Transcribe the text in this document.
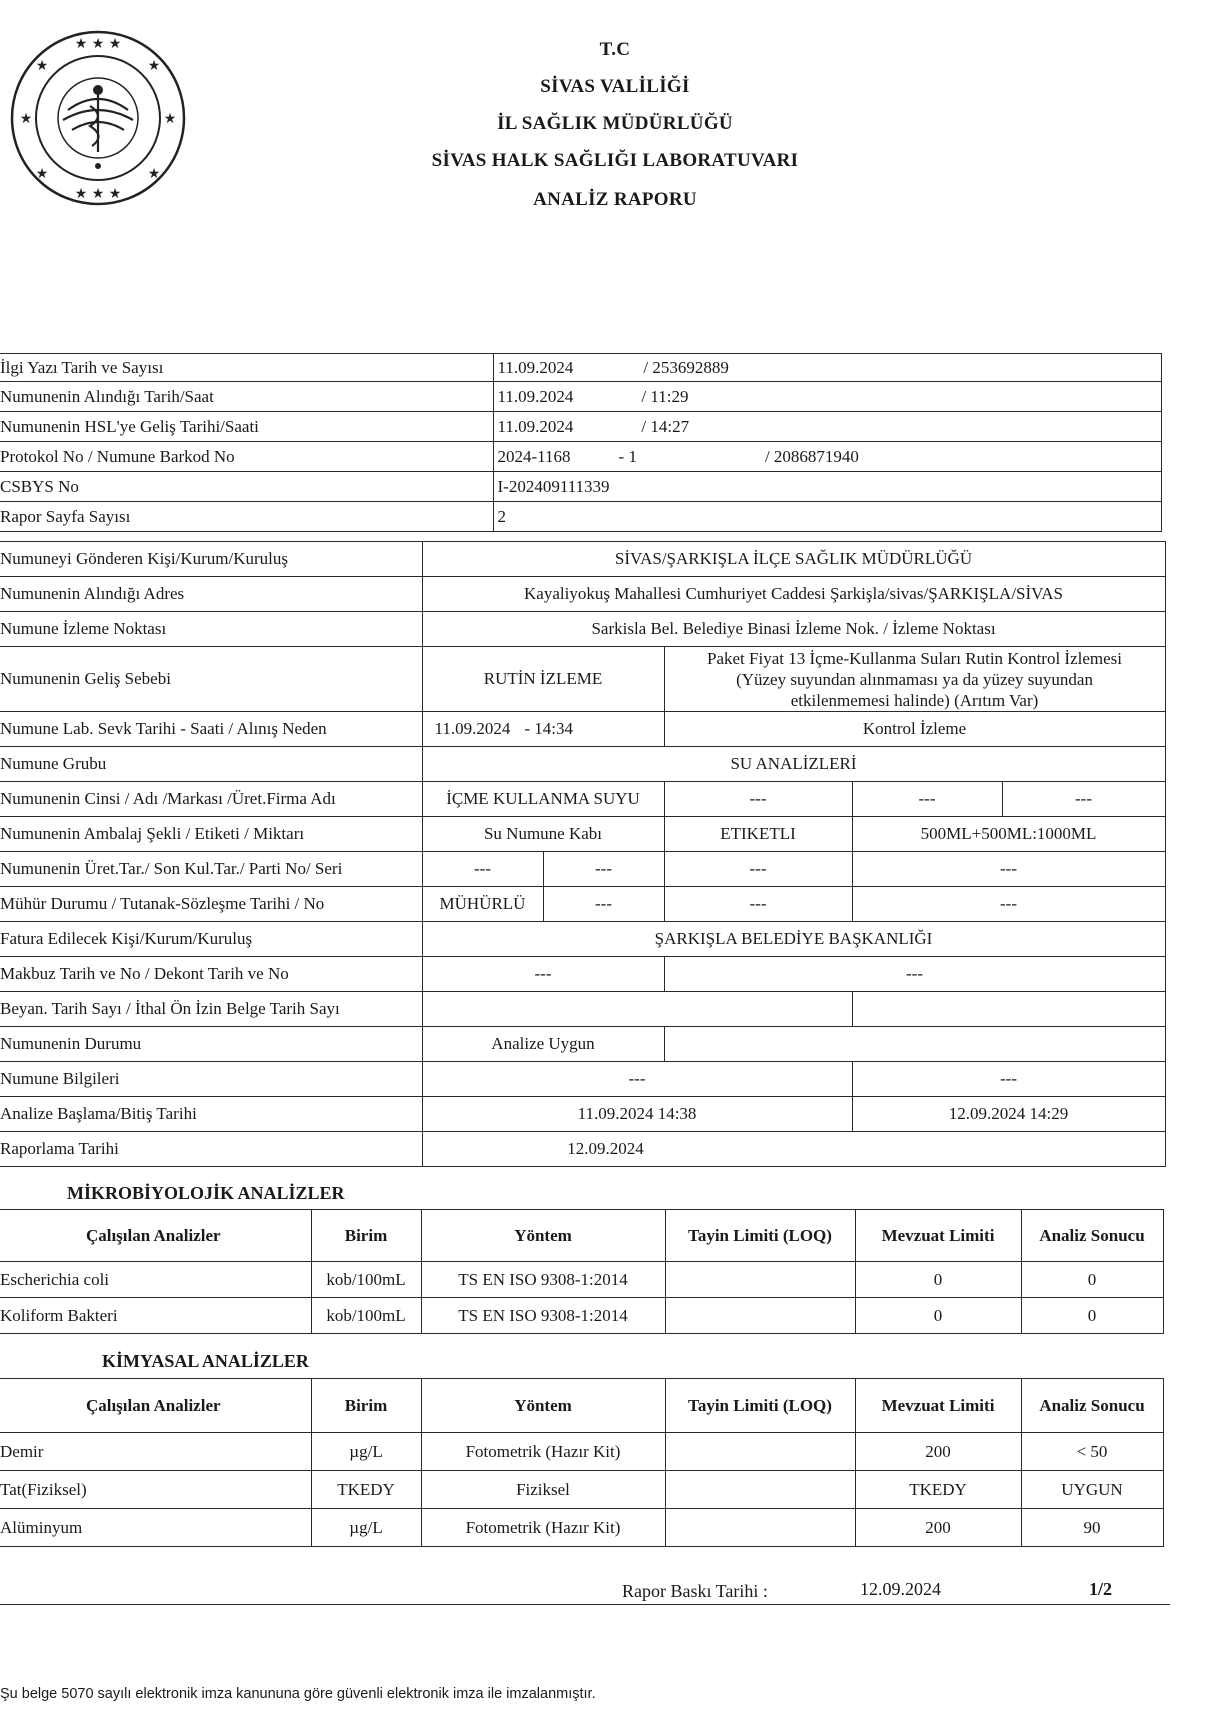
★ ★ ★
★ ★ ★
★	★
★	★
★	★
T.C
SİVAS VALİLİĞİ
İL SAĞLIK MÜDÜRLÜĞÜ
SİVAS HALK SAĞLIĞI LABORATUVARI
ANALİZ RAPORU
İlgi Yazı Tarih ve Sayısı	11.09.2024 / 253692889
Numunenin Alındığı Tarih/Saat	11.09.2024 / 11:29
Numunenin HSL'ye Geliş Tarihi/Saati	11.09.2024 / 14:27
Protokol No / Numune Barkod No	2024-1168 - 1 / 2086871940
CSBYS No	I-202409111339
Rapor Sayfa Sayısı	2
Numuneyi Gönderen Kişi/Kurum/Kuruluş	SİVAS/ŞARKIŞLA İLÇE SAĞLIK MÜDÜRLÜĞÜ				
Numunenin Alındığı Adres	Kayaliyokuş Mahallesi Cumhuriyet Caddesi Şarkişla/sivas/ŞARKIŞLA/SİVAS				
Numune İzleme Noktası	Sarkisla Bel. Belediye Binasi İzleme Nok. / İzleme Noktası				
Numunenin Geliş Sebebi	RUTİN İZLEME		Paket Fiyat 13 İçme-Kullanma Suları Rutin Kontrol İzlemesi
(Yüzey suyundan alınmaması ya da yüzey suyundan
etkilenmemesi halinde) (Arıtım Var)		

Numune Lab. Sevk Tarihi - Saati / Alınış Neden	11.09.2024 - 14:34		Kontrol İzleme		
Numune Grubu	SU ANALİZLERİ				
Numunenin Cinsi / Adı /Markası /Üret.Firma Adı	İÇME KULLANMA SUYU		---	---	---
Numunenin Ambalaj Şekli / Etiketi / Miktarı	Su Numune Kabı		ETIKETLI	500ML+500ML:1000ML	
Numunenin Üret.Tar./ Son Kul.Tar./ Parti No/ Seri	---	---	---	---	
Mühür Durumu / Tutanak-Sözleşme Tarihi / No	MÜHÜRLÜ	---	---	---	
Fatura Edilecek Kişi/Kurum/Kuruluş	ŞARKIŞLA BELEDİYE BAŞKANLIĞI				
Makbuz Tarih ve No / Dekont Tarih ve No	---		---		
Beyan. Tarih Sayı / İthal Ön İzin Belge Tarih Sayı					
Numunenin Durumu	Analize Uygun				
Numune Bilgileri	---			---	
Analize Başlama/Bitiş Tarihi	11.09.2024 14:38			12.09.2024 14:29	
Raporlama Tarihi	12.09.2024				
MİKROBİYOLOJİK ANALİZLER
Çalışılan Analizler	Birim	Yöntem	Tayin Limiti (LOQ)	Mevzuat Limiti	Analiz Sonucu
Escherichia coli	kob/100mL	TS EN ISO 9308-1:2014		0	0
Koliform Bakteri	kob/100mL	TS EN ISO 9308-1:2014		0	0
KİMYASAL ANALİZLER
Çalışılan Analizler	Birim	Yöntem	Tayin Limiti (LOQ)	Mevzuat Limiti	Analiz Sonucu
Demir	µg/L	Fotometrik (Hazır Kit)		200	< 50
Tat(Fiziksel)	TKEDY	Fiziksel		TKEDY	UYGUN
Alüminyum	µg/L	Fotometrik (Hazır Kit)		200	90
Rapor Baskı Tarihi :	12.09.2024	1/2
Şu belge 5070 sayılı elektronik imza kanununa göre güvenli elektronik imza ile imzalanmıştır.
